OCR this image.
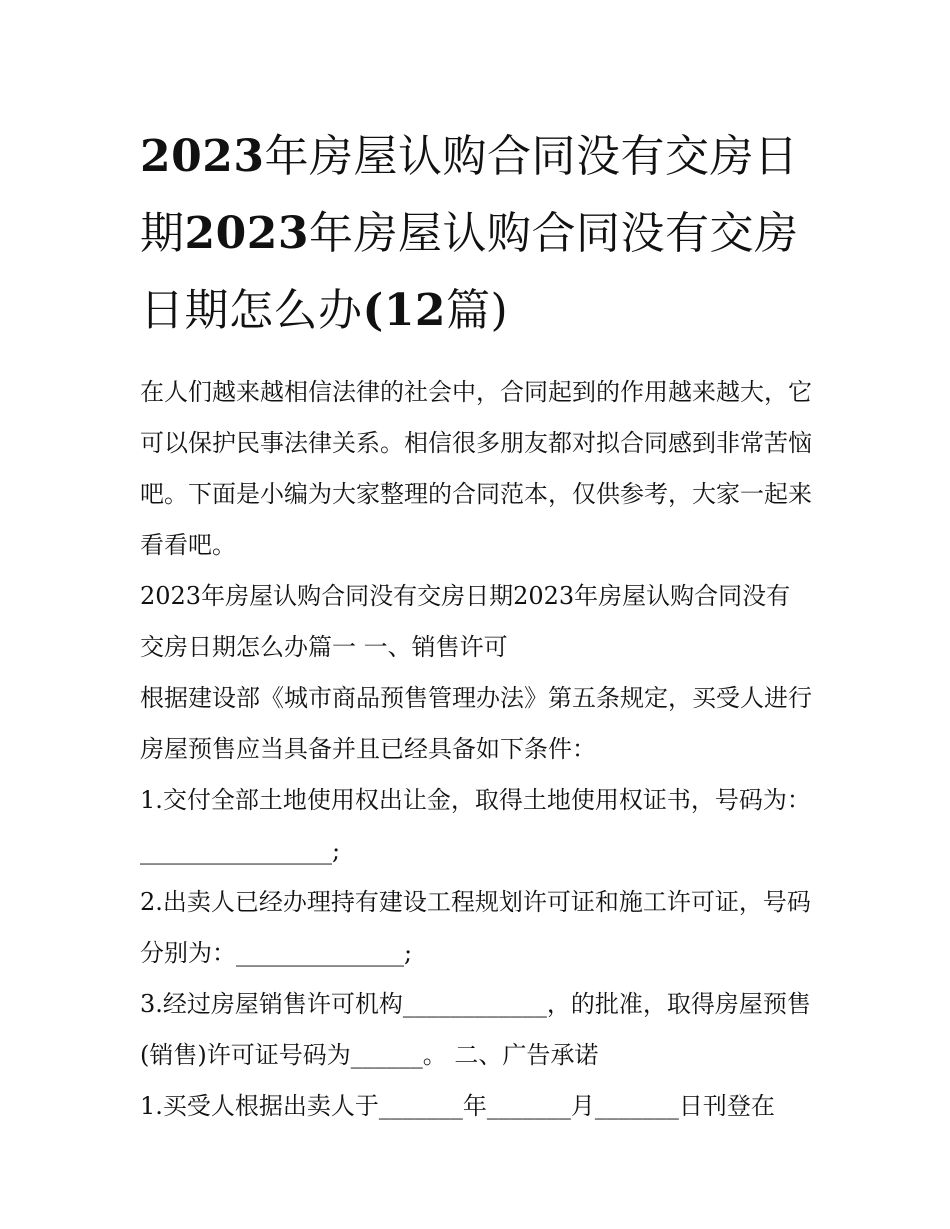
2023年房屋认购合同没有交房日期2023年房屋认购合同没有交房日期怎么办(12篇)

在人们越来越相信法律的社会中，合同起到的作用越来越大，它可以保护民事法律关系。相信很多朋友都对拟合同感到非常苦恼吧。下面是小编为大家整理的合同范本，仅供参考，大家一起来看看吧。

2023年房屋认购合同没有交房日期2023年房屋认购合同没有交房日期怎么办篇一 一、销售许可

根据建设部《城市商品预售管理办法》第五条规定，买受人进行房屋预售应当具备并且已经具备如下条件：

1.交付全部土地使用权出让金，取得土地使用权证书，号码为：________________;

2.出卖人已经办理持有建设工程规划许可证和施工许可证，号码分别为：______________;

3.经过房屋销售许可机构____________，的批准，取得房屋预售(销售)许可证号码为______。 二、广告承诺

1.买受人根据出卖人于_______年_______月_______日刊登在
